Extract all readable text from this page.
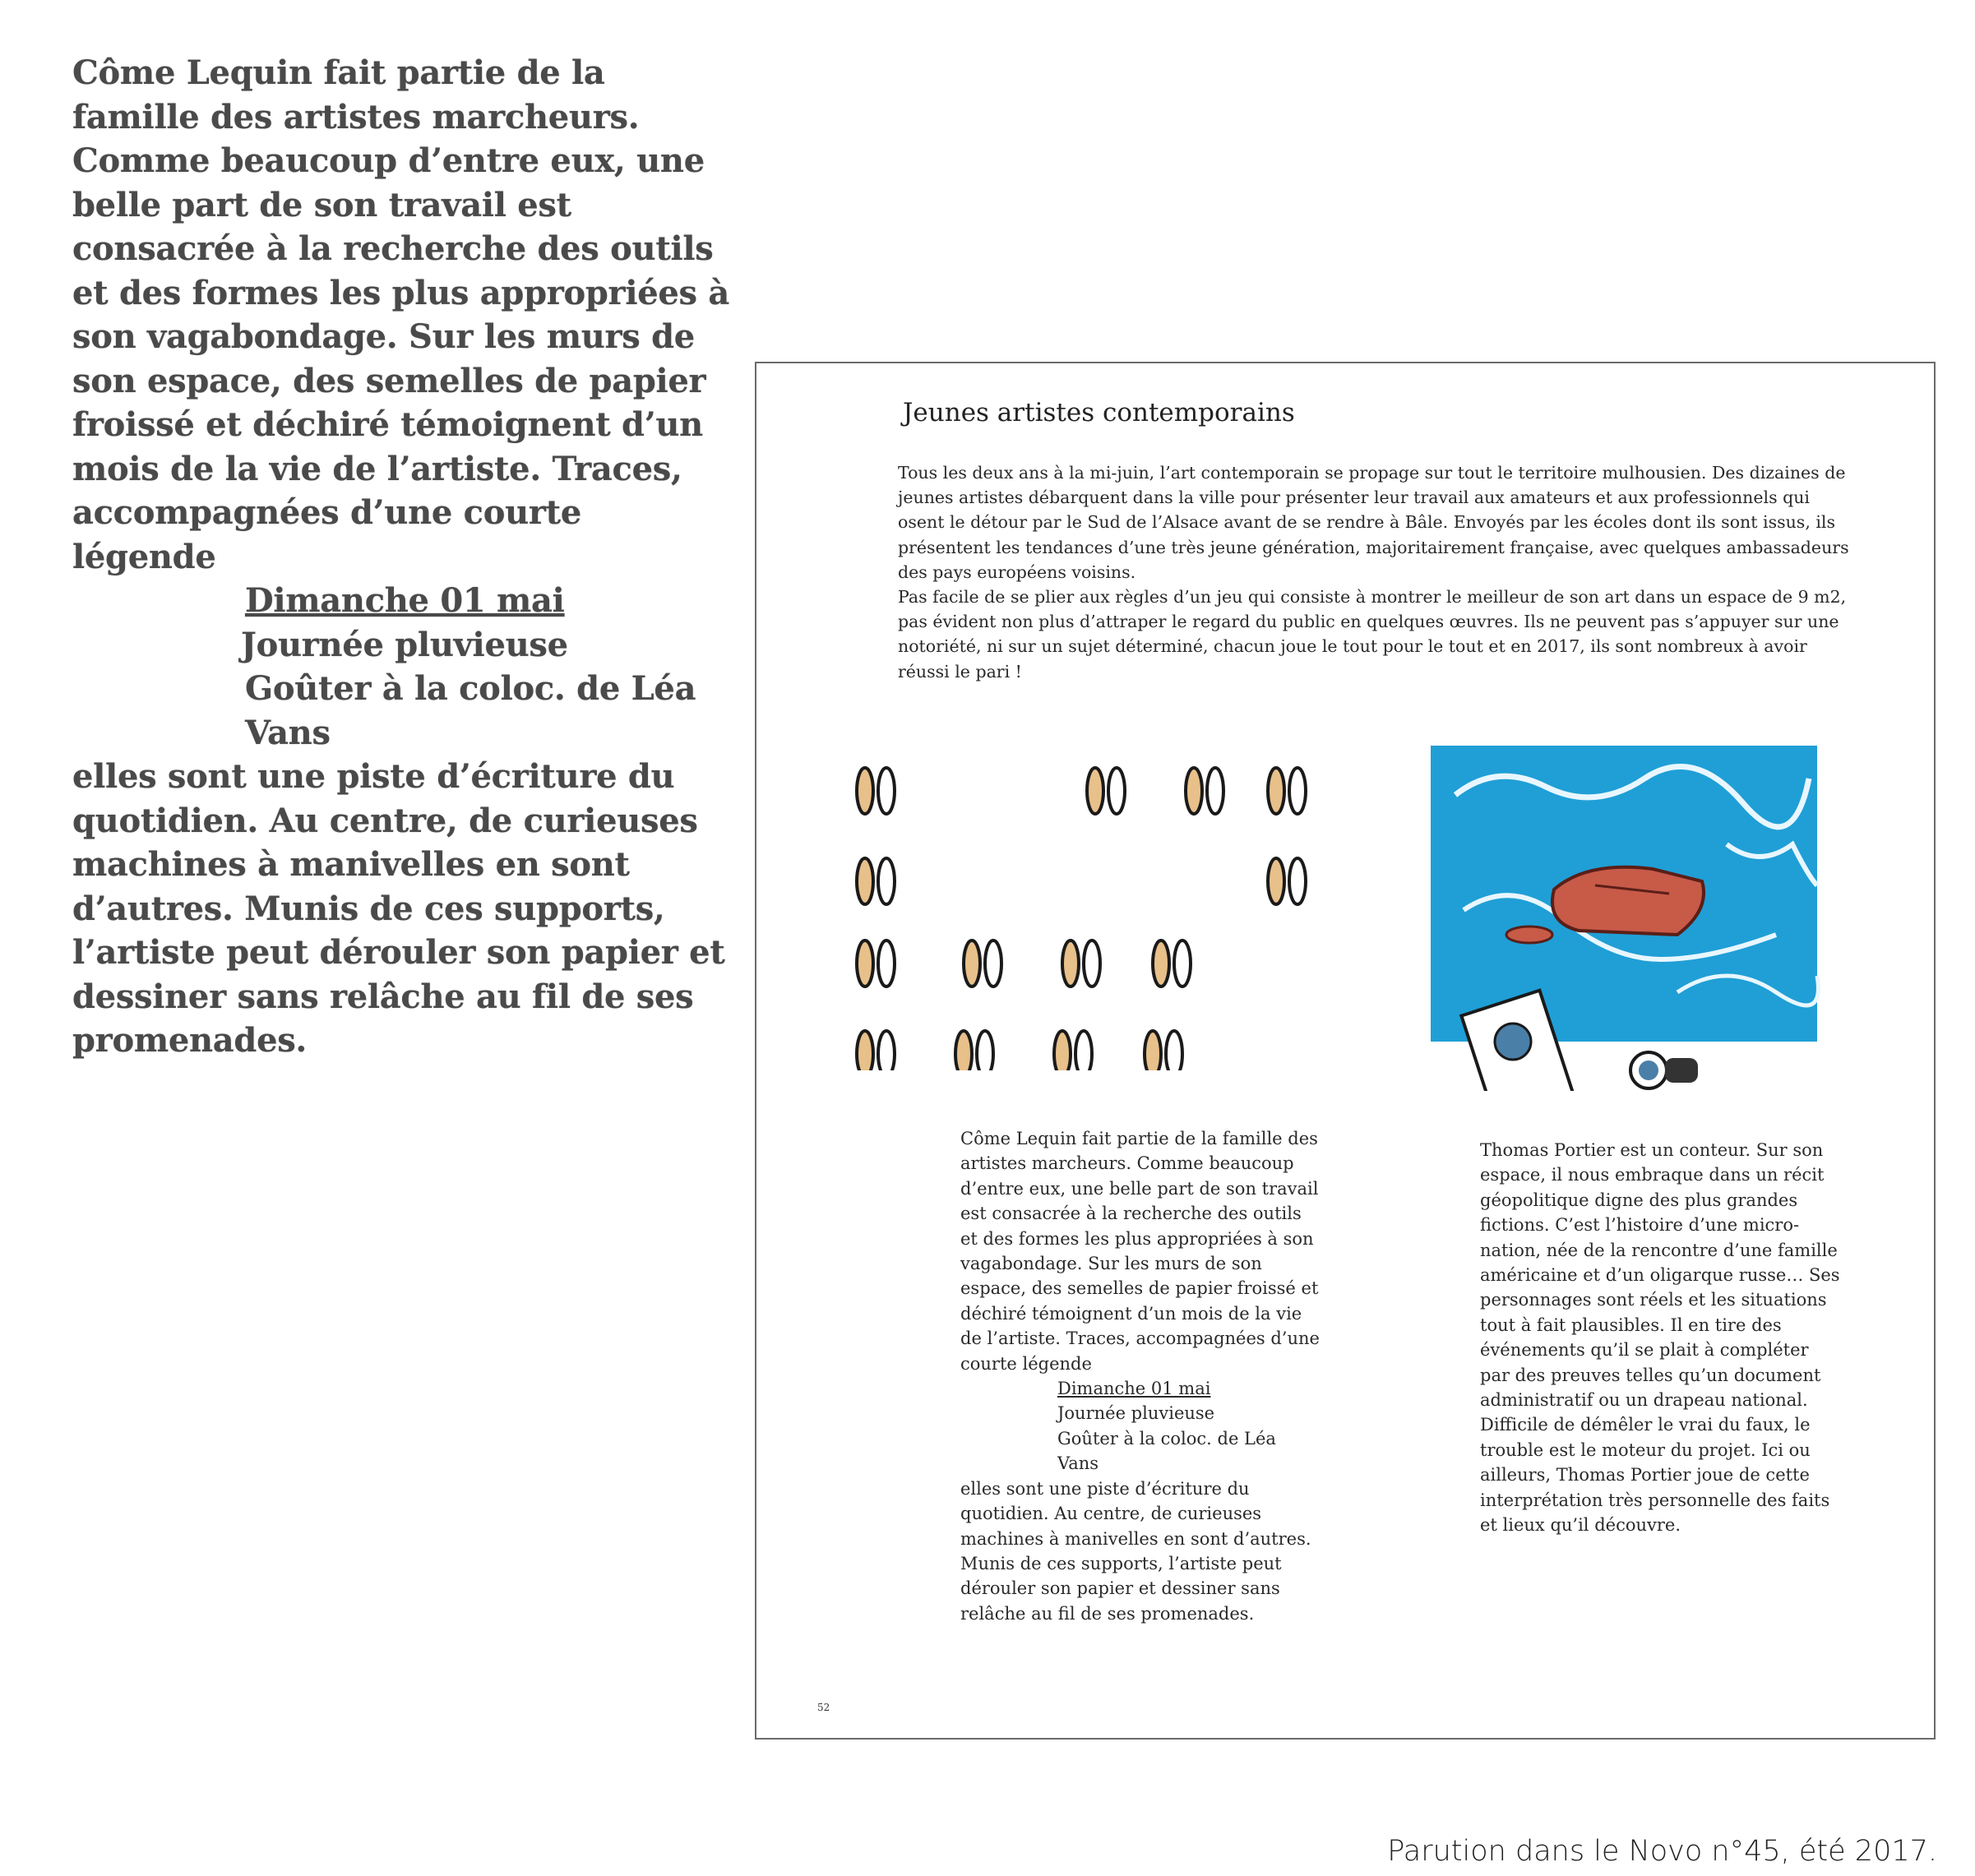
Côme Lequin fait partie de la famille des artistes marcheurs. Comme beaucoup d’entre eux, une belle part de son travail est consacrée à la recherche des outils et des formes les plus appropriées à son vagabondage. Sur les murs de son espace, des semelles de papier froissé et déchiré témoignent d’un mois de la vie de l’artiste. Traces, accompagnées d’une courte légende

Dimanche 01 mai

Journée pluvieuse

Goûter à la coloc. de Léa Vans

elles sont une piste d’écriture du quotidien. Au centre, de curieuses machines à manivelles en sont d’autres. Munis de ces supports, l’artiste peut dérouler son papier et dessiner sans relâche au fil de ses promenades.

Jeunes artistes contemporains

Tous les deux ans à la mi-juin, l’art contemporain se propage sur tout le territoire mulhousien. Des dizaines de jeunes artistes débarquent dans la ville pour présenter leur travail aux amateurs et aux professionnels qui osent le détour par le Sud de l’Alsace avant de se rendre à Bâle. Envoyés par les écoles dont ils sont issus, ils présentent les tendances d’une très jeune génération, majoritairement française, avec quelques ambassadeurs des pays européens voisins.

Pas facile de se plier aux règles d’un jeu qui consiste à montrer le meilleur de son art dans un espace de 9 m2, pas évident non plus d’attraper le regard du public en quelques œuvres. Ils ne peuvent pas s’appuyer sur une notoriété, ni sur un sujet déterminé, chacun joue le tout pour le tout et en 2017, ils sont nombreux à avoir réussi le pari !

Côme Lequin fait partie de la famille des artistes marcheurs. Comme beaucoup d’entre eux, une belle part de son travail est consacrée à la recherche des outils et des formes les plus appropriées à son vagabondage. Sur les murs de son espace, des semelles de papier froissé et déchiré témoignent d’un mois de la vie de l’artiste. Traces, accompagnées d’une courte légende

Dimanche 01 mai

Journée pluvieuse

Goûter à la coloc. de Léa Vans

elles sont une piste d’écriture du quotidien. Au centre, de curieuses machines à manivelles en sont d’autres. Munis de ces supports, l’artiste peut dérouler son papier et dessiner sans relâche au fil de ses promenades.

Thomas Portier est un conteur. Sur son espace, il nous embraque dans un récit géopolitique digne des plus grandes fictions. C’est l’histoire d’une micro-nation, née de la rencontre d’une famille américaine et d’un oligarque russe… Ses personnages sont réels et les situations tout à fait plausibles. Il en tire des événements qu’il se plait à compléter par des preuves telles qu’un document administratif ou un drapeau national. Difficile de démêler le vrai du faux, le trouble est le moteur du projet. Ici ou ailleurs, Thomas Portier joue de cette interprétation très personnelle des faits et lieux qu’il découvre.
52
Parution dans le Novo n°45, été 2017.
